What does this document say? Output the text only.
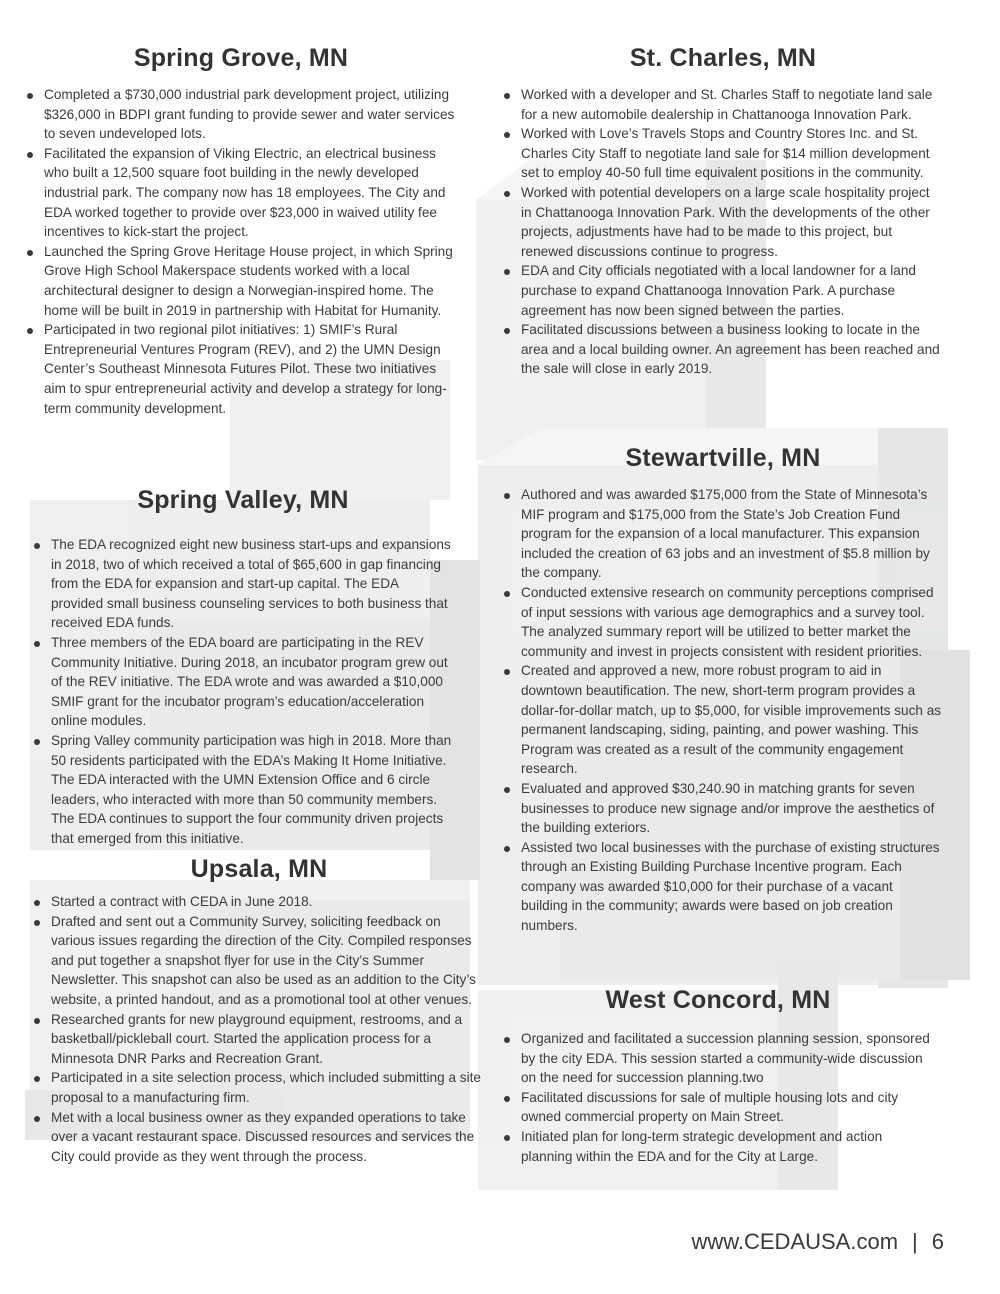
Spring Grove, MN
Completed a $730,000 industrial park development project, utilizing $326,000 in BDPI grant funding to provide sewer and water services to seven undeveloped lots.
Facilitated the expansion of Viking Electric, an electrical business who built a 12,500 square foot building in the newly developed industrial park. The company now has 18 employees. The City and EDA worked together to provide over $23,000 in waived utility fee incentives to kick-start the project.
Launched the Spring Grove Heritage House project, in which Spring Grove High School Makerspace students worked with a local architectural designer to design a Norwegian-inspired home. The home will be built in 2019 in partnership with Habitat for Humanity.
Participated in two regional pilot initiatives: 1) SMIF’s Rural Entrepreneurial Ventures Program (REV), and 2) the UMN Design Center’s Southeast Minnesota Futures Pilot. These two initiatives aim to spur entrepreneurial activity and develop a strategy for long-term community development.
Spring Valley, MN
The EDA recognized eight new business start-ups and expansions in 2018, two of which received a total of $65,600 in gap financing from the EDA for expansion and start-up capital. The EDA provided small business counseling services to both business that received EDA funds.
Three members of the EDA board are participating in the REV Community Initiative. During 2018, an incubator program grew out of the REV initiative. The EDA wrote and was awarded a $10,000 SMIF grant for the incubator program’s education/acceleration online modules.
Spring Valley community participation was high in 2018. More than 50 residents participated with the EDA’s Making It Home Initiative. The EDA interacted with the UMN Extension Office and 6 circle leaders, who interacted with more than 50 community members. The EDA continues to support the four community driven projects that emerged from this initiative.
Upsala, MN
Started a contract with CEDA in June 2018.
Drafted and sent out a Community Survey, soliciting feedback on various issues regarding the direction of the City. Compiled responses and put together a snapshot flyer for use in the City’s Summer Newsletter. This snapshot can also be used as an addition to the City’s website, a printed handout, and as a promotional tool at other venues.
Researched grants for new playground equipment, restrooms, and a basketball/pickleball court. Started the application process for a Minnesota DNR Parks and Recreation Grant.
Participated in a site selection process, which included submitting a site proposal to a manufacturing firm.
Met with a local business owner as they expanded operations to take over a vacant restaurant space. Discussed resources and services the City could provide as they went through the process.
St. Charles, MN
Worked with a developer and St. Charles Staff to negotiate land sale for a new automobile dealership in Chattanooga Innovation Park.
Worked with Love’s Travels Stops and Country Stores Inc. and St. Charles City Staff to negotiate land sale for $14 million development set to employ 40-50 full time equivalent positions in the community.
Worked with potential developers on a large scale hospitality project in Chattanooga Innovation Park. With the developments of the other projects, adjustments have had to be made to this project, but renewed discussions continue to progress.
EDA and City officials negotiated with a local landowner for a land purchase to expand Chattanooga Innovation Park. A purchase agreement has now been signed between the parties.
Facilitated discussions between a business looking to locate in the area and a local building owner. An agreement has been reached and the sale will close in early 2019.
Stewartville, MN
Authored and was awarded $175,000 from the State of Minnesota’s MIF program and $175,000 from the State’s Job Creation Fund program for the expansion of a local manufacturer. This expansion included the creation of 63 jobs and an investment of $5.8 million by the company.
Conducted extensive research on community perceptions comprised of input sessions with various age demographics and a survey tool. The analyzed summary report will be utilized to better market the community and invest in projects consistent with resident priorities.
Created and approved a new, more robust program to aid in downtown beautification. The new, short-term program provides a dollar-for-dollar match, up to $5,000, for visible improvements such as permanent landscaping, siding, painting, and power washing. This Program was created as a result of the community engagement research.
Evaluated and approved $30,240.90 in matching grants for seven businesses to produce new signage and/or improve the aesthetics of the building exteriors.
Assisted two local businesses with the purchase of existing structures through an Existing Building Purchase Incentive program. Each company was awarded $10,000 for their purchase of a vacant building in the community; awards were based on job creation numbers.
West Concord, MN
Organized and facilitated a succession planning session, sponsored by the city EDA. This session started a community-wide discussion on the need for succession planning.two
Facilitated discussions for sale of multiple housing lots and city owned commercial property on Main Street.
Initiated plan for long-term strategic development and action planning within the EDA and for the City at Large.
www.CEDAUSA.com | 6
